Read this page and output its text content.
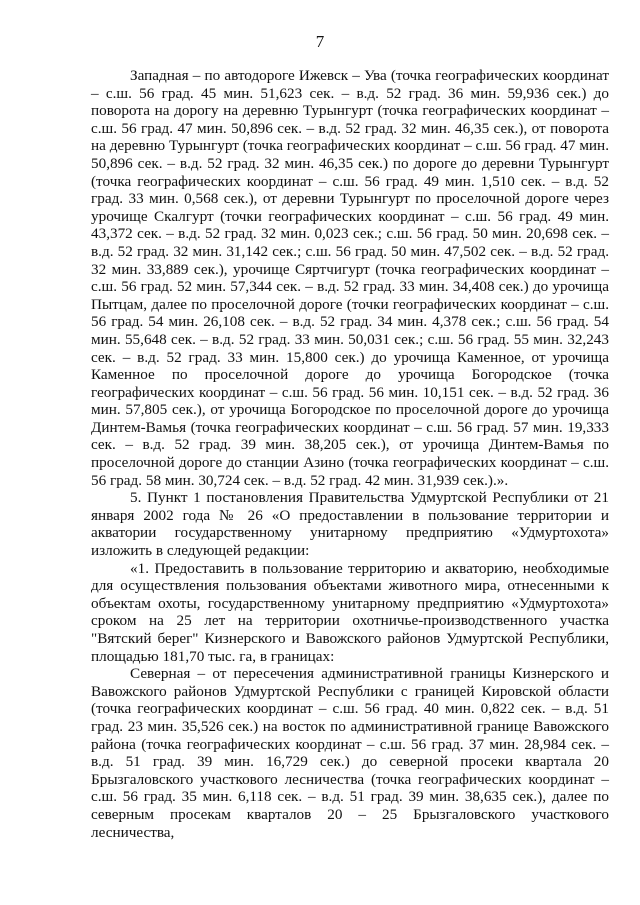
7

Западная – по автодороге Ижевск – Ува (точка географических координат – с.ш. 56 град. 45 мин. 51,623 сек. – в.д. 52 град. 36 мин. 59,936 сек.) до поворота на дорогу на деревню Турынгурт (точка географических координат – с.ш. 56 град. 47 мин. 50,896 сек. – в.д. 52 град. 32 мин. 46,35 сек.), от поворота на деревню Турынгурт (точка географических координат – с.ш. 56 град. 47 мин. 50,896 сек. – в.д. 52 град. 32 мин. 46,35 сек.) по дороге до деревни Турынгурт (точка географических координат – с.ш. 56 град. 49 мин. 1,510 сек. – в.д. 52 град. 33 мин. 0,568 сек.), от деревни Турынгурт по проселочной дороге через урочище Скалгурт (точки географических координат – с.ш. 56 град. 49 мин. 43,372 сек. – в.д. 52 град. 32 мин. 0,023 сек.; с.ш. 56 град. 50 мин. 20,698 сек. – в.д. 52 град. 32 мин. 31,142 сек.; с.ш. 56 град. 50 мин. 47,502 сек. – в.д. 52 град. 32 мин. 33,889 сек.), урочище Сяртчигурт (точка географических координат – с.ш. 56 град. 52 мин. 57,344 сек. – в.д. 52 град. 33 мин. 34,408 сек.) до урочища Пытцам, далее по проселочной дороге (точки географических координат – с.ш. 56 град. 54 мин. 26,108 сек. – в.д. 52 град. 34 мин. 4,378 сек.; с.ш. 56 град. 54 мин. 55,648 сек. – в.д. 52 град. 33 мин. 50,031 сек.; с.ш. 56 град. 55 мин. 32,243 сек. – в.д. 52 град. 33 мин. 15,800 сек.) до урочища Каменное, от урочища Каменное по проселочной дороге до урочища Богородское (точка географических координат – с.ш. 56 град. 56 мин. 10,151 сек. – в.д. 52 град. 36 мин. 57,805 сек.), от урочища Богородское по проселочной дороге до урочища Динтем-Вамья (точка географических координат – с.ш. 56 град. 57 мин. 19,333 сек. – в.д. 52 град. 39 мин. 38,205 сек.), от урочища Динтем-Вамья по проселочной дороге до станции Азино (точка географических координат – с.ш. 56 град. 58 мин. 30,724 сек. – в.д. 52 град. 42 мин. 31,939 сек.).».

5. Пункт 1 постановления Правительства Удмуртской Республики от 21 января 2002 года № 26 «О предоставлении в пользование территории и акватории государственному унитарному предприятию «Удмуртохота» изложить в следующей редакции:

«1. Предоставить в пользование территорию и акваторию, необходимые для осуществления пользования объектами животного мира, отнесенными к объектам охоты, государственному унитарному предприятию «Удмуртохота» сроком на 25 лет на территории охотничье-производственного участка "Вятский берег" Кизнерского и Вавожского районов Удмуртской Республики, площадью 181,70 тыс. га, в границах:

Северная – от пересечения административной границы Кизнерского и Вавожского районов Удмуртской Республики с границей Кировской области (точка географических координат – с.ш. 56 град. 40 мин. 0,822 сек. – в.д. 51 град. 23 мин. 35,526 сек.) на восток по административной границе Вавожского района (точка географических координат – с.ш. 56 град. 37 мин. 28,984 сек. – в.д. 51 град. 39 мин. 16,729 сек.) до северной просеки квартала 20 Брызгаловского участкового лесничества (точка географических координат – с.ш. 56 град. 35 мин. 6,118 сек. – в.д. 51 град. 39 мин. 38,635 сек.), далее по северным просекам кварталов 20 – 25 Брызгаловского участкового лесничества,
